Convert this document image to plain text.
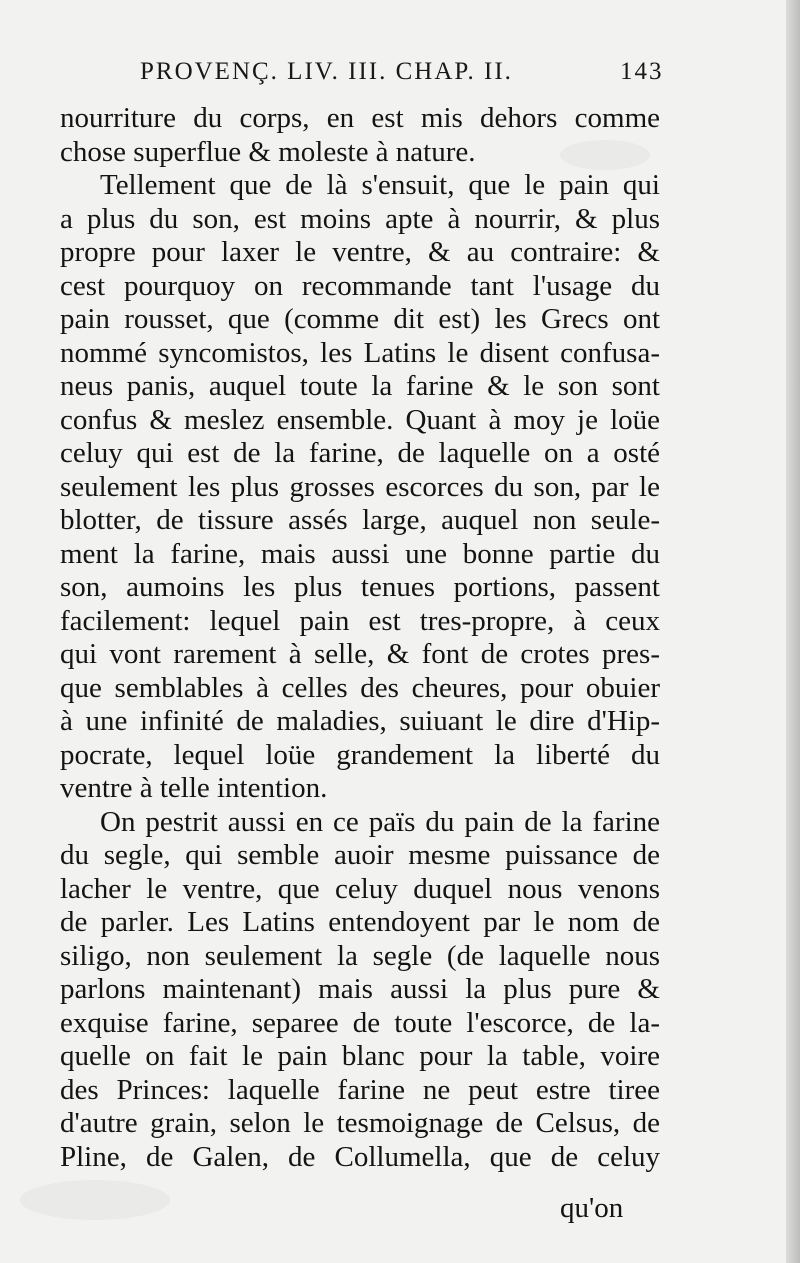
PROVENÇ. LIV. III. CHAP. II.	143
nourriture du corps, en est mis dehors comme
chose superflue & moleste à nature.
Tellement que de là s'ensuit, que le pain qui
a plus du son, est moins apte à nourrir, & plus
propre pour laxer le ventre, & au contraire: &
cest pourquoy on recommande tant l'usage du
pain rousset, que (comme dit est) les Grecs ont
nommé syncomistos, les Latins le disent confusa-
neus panis, auquel toute la farine & le son sont
confus & meslez ensemble. Quant à moy je loüe
celuy qui est de la farine, de laquelle on a osté
seulement les plus grosses escorces du son, par le
blotter, de tissure assés large, auquel non seule-
ment la farine, mais aussi une bonne partie du
son, aumoins les plus tenues portions, passent
facilement: lequel pain est tres-propre, à ceux
qui vont rarement à selle, & font de crotes pres-
que semblables à celles des cheures, pour obuier
à une infinité de maladies, suiuant le dire d'Hip-
pocrate, lequel loüe grandement la liberté du
ventre à telle intention.
On pestrit aussi en ce païs du pain de la farine
du segle, qui semble auoir mesme puissance de
lacher le ventre, que celuy duquel nous venons
de parler. Les Latins entendoyent par le nom de
siligo, non seulement la segle (de laquelle nous
parlons maintenant) mais aussi la plus pure &
exquise farine, separee de toute l'escorce, de la-
quelle on fait le pain blanc pour la table, voire
des Princes: laquelle farine ne peut estre tiree
d'autre grain, selon le tesmoignage de Celsus, de
Pline, de Galen, de Collumella, que de celuy
qu'on
